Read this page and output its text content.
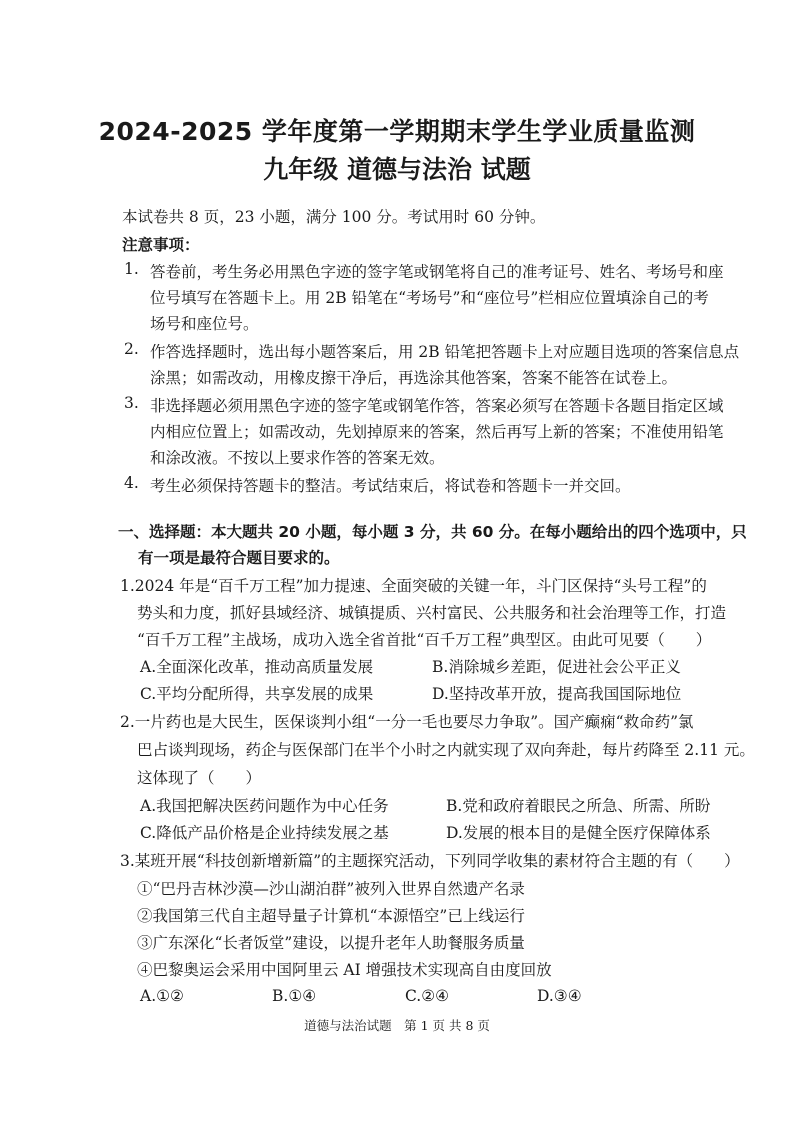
2024-2025 学年度第一学期期末学生学业质量监测
九年级 道德与法治 试题
本试卷共 8 页，23 小题，满分 100 分。考试用时 60 分钟。
注意事项：
1. 答卷前，考生务必用黑色字迹的签字笔或钢笔将自己的准考证号、姓名、考场号和座
位号填写在答题卡上。用 2B 铅笔在“考场号”和“座位号”栏相应位置填涂自己的考
场号和座位号。
2. 作答选择题时，选出每小题答案后，用 2B 铅笔把答题卡上对应题目选项的答案信息点
涂黑；如需改动，用橡皮擦干净后，再选涂其他答案，答案不能答在试卷上。
3. 非选择题必须用黑色字迹的签字笔或钢笔作答，答案必须写在答题卡各题目指定区域
内相应位置上；如需改动，先划掉原来的答案，然后再写上新的答案；不准使用铅笔
和涂改液。不按以上要求作答的答案无效。
4. 考生必须保持答题卡的整洁。考试结束后，将试卷和答题卡一并交回。
一、选择题：本大题共 20 小题，每小题 3 分，共 60 分。在每小题给出的四个选项中，只
有一项是最符合题目要求的。
1.2024 年是“百千万工程”加力提速、全面突破的关键一年，斗门区保持“头号工程”的
势头和力度，抓好县域经济、城镇提质、兴村富民、公共服务和社会治理等工作，打造
“百千万工程”主战场，成功入选全省首批“百千万工程”典型区。由此可见要（　　）
A.全面深化改革，推动高质量发展	B.消除城乡差距，促进社会公平正义
C.平均分配所得，共享发展的成果	D.坚持改革开放，提高我国国际地位
2.一片药也是大民生，医保谈判小组“一分一毛也要尽力争取”。国产癫痫“救命药”氯
巴占谈判现场，药企与医保部门在半个小时之内就实现了双向奔赴，每片药降至 2.11 元。
这体现了（　　）
A.我国把解决医药问题作为中心任务	B.党和政府着眼民之所急、所需、所盼
C.降低产品价格是企业持续发展之基	D.发展的根本目的是健全医疗保障体系
3.某班开展“科技创新增新篇”的主题探究活动，下列同学收集的素材符合主题的有（　　）
①“巴丹吉林沙漠—沙山湖泊群”被列入世界自然遗产名录
②我国第三代自主超导量子计算机“本源悟空”已上线运行
③广东深化“长者饭堂”建设，以提升老年人助餐服务质量
④巴黎奥运会采用中国阿里云 AI 增强技术实现高自由度回放
A.①②	B.①④	C.②④	D.③④
道德与法治试题　第 1 页 共 8 页
